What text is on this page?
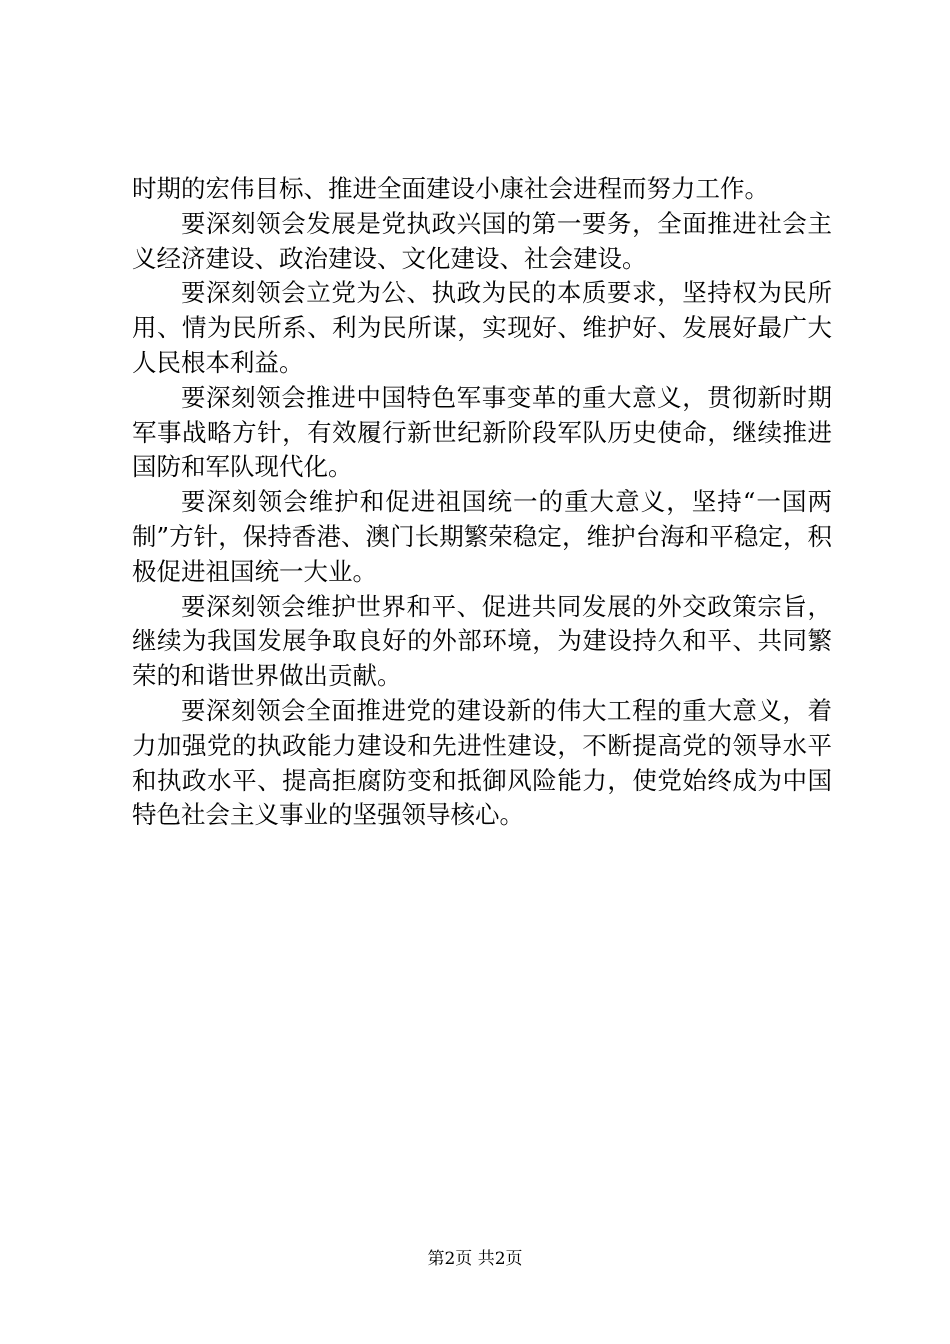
时期的宏伟目标、推进全面建设小康社会进程而努力工作。

要深刻领会发展是党执政兴国的第一要务，全面推进社会主义经济建设、政治建设、文化建设、社会建设。

要深刻领会立党为公、执政为民的本质要求，坚持权为民所用、情为民所系、利为民所谋，实现好、维护好、发展好最广大人民根本利益。

要深刻领会推进中国特色军事变革的重大意义，贯彻新时期军事战略方针，有效履行新世纪新阶段军队历史使命，继续推进国防和军队现代化。

要深刻领会维护和促进祖国统一的重大意义，坚持“一国两制”方针，保持香港、澳门长期繁荣稳定，维护台海和平稳定，积极促进祖国统一大业。

要深刻领会维护世界和平、促进共同发展的外交政策宗旨，继续为我国发展争取良好的外部环境，为建设持久和平、共同繁荣的和谐世界做出贡献。

要深刻领会全面推进党的建设新的伟大工程的重大意义，着力加强党的执政能力建设和先进性建设，不断提高党的领导水平和执政水平、提高拒腐防变和抵御风险能力，使党始终成为中国特色社会主义事业的坚强领导核心。

第2页 共2页
